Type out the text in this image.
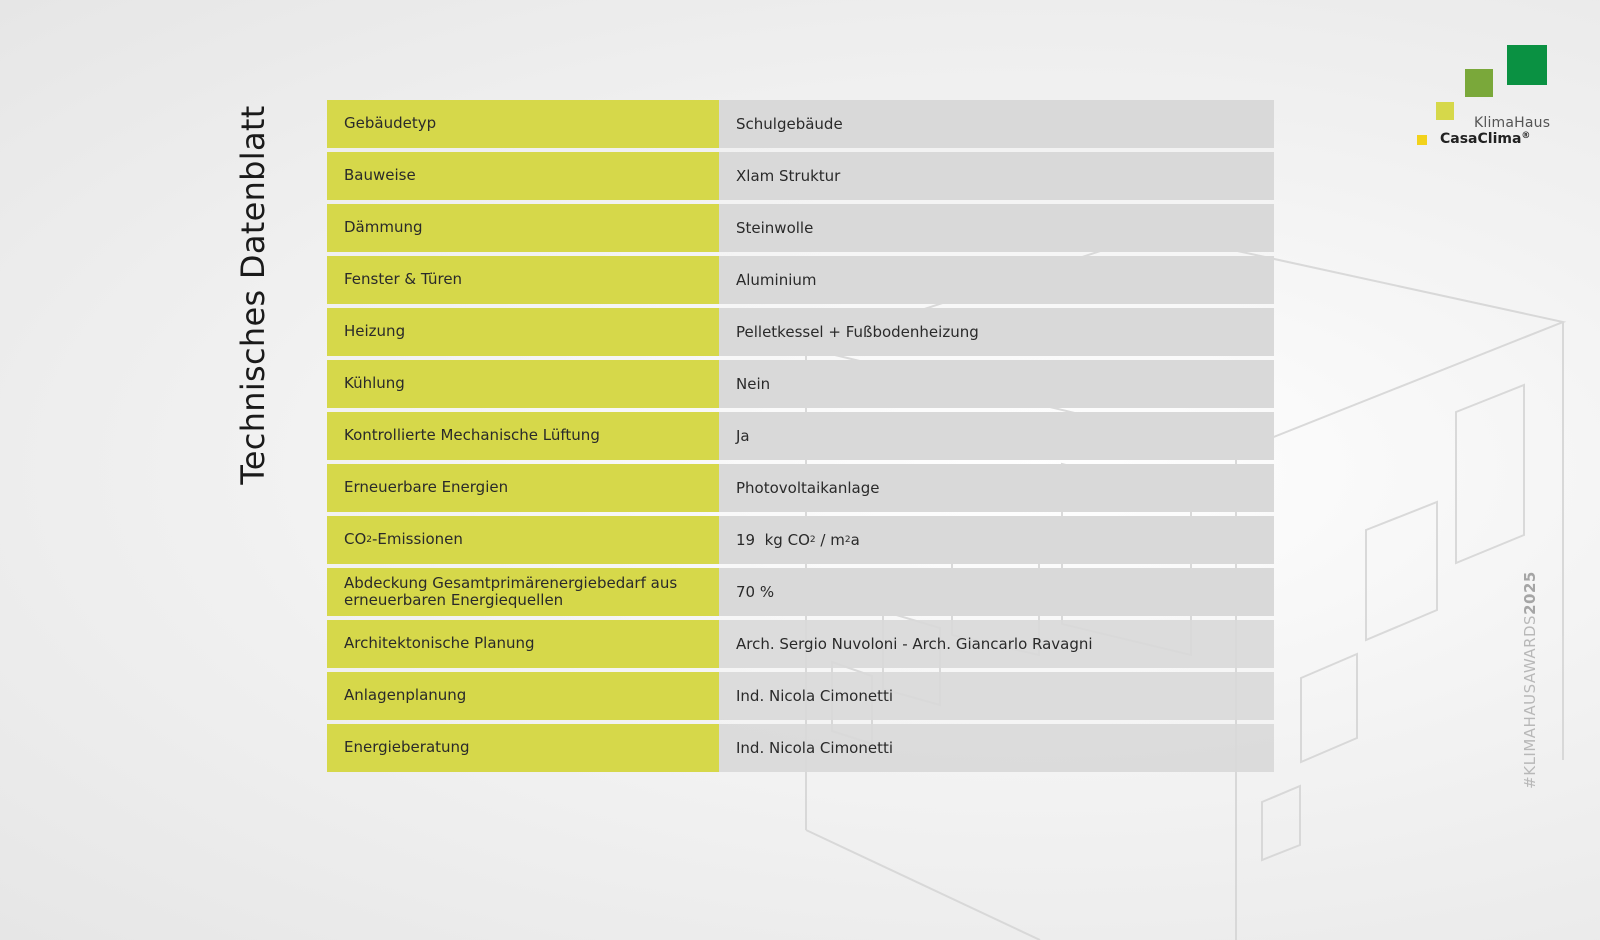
Technisches Datenblatt	Gebäudetyp	Schulgebäude
Bauweise	Xlam Struktur
Dämmung	Steinwolle
Fenster & Türen	Aluminium
Heizung	Pelletkessel + Fußbodenheizung
Kühlung	Nein
Kontrollierte Mechanische Lüftung	Ja
Erneuerbare Energien	Photovoltaikanlage
CO 2 -Emissionen	19  kg CO 2 / m 2 a
Abdeckung Gesamtprimärenergiebedarf aus erneuerbaren Energiequellen	70 %
Architektonische Planung	Arch. Sergio Nuvoloni - Arch. Giancarlo Ravagni
Anlagenplanung	Ind. Nicola Cimonetti
Energieberatung	Ind. Nicola Cimonetti
KlimaHaus
CasaClima®
#KLIMAHAUSAWARDS2025
